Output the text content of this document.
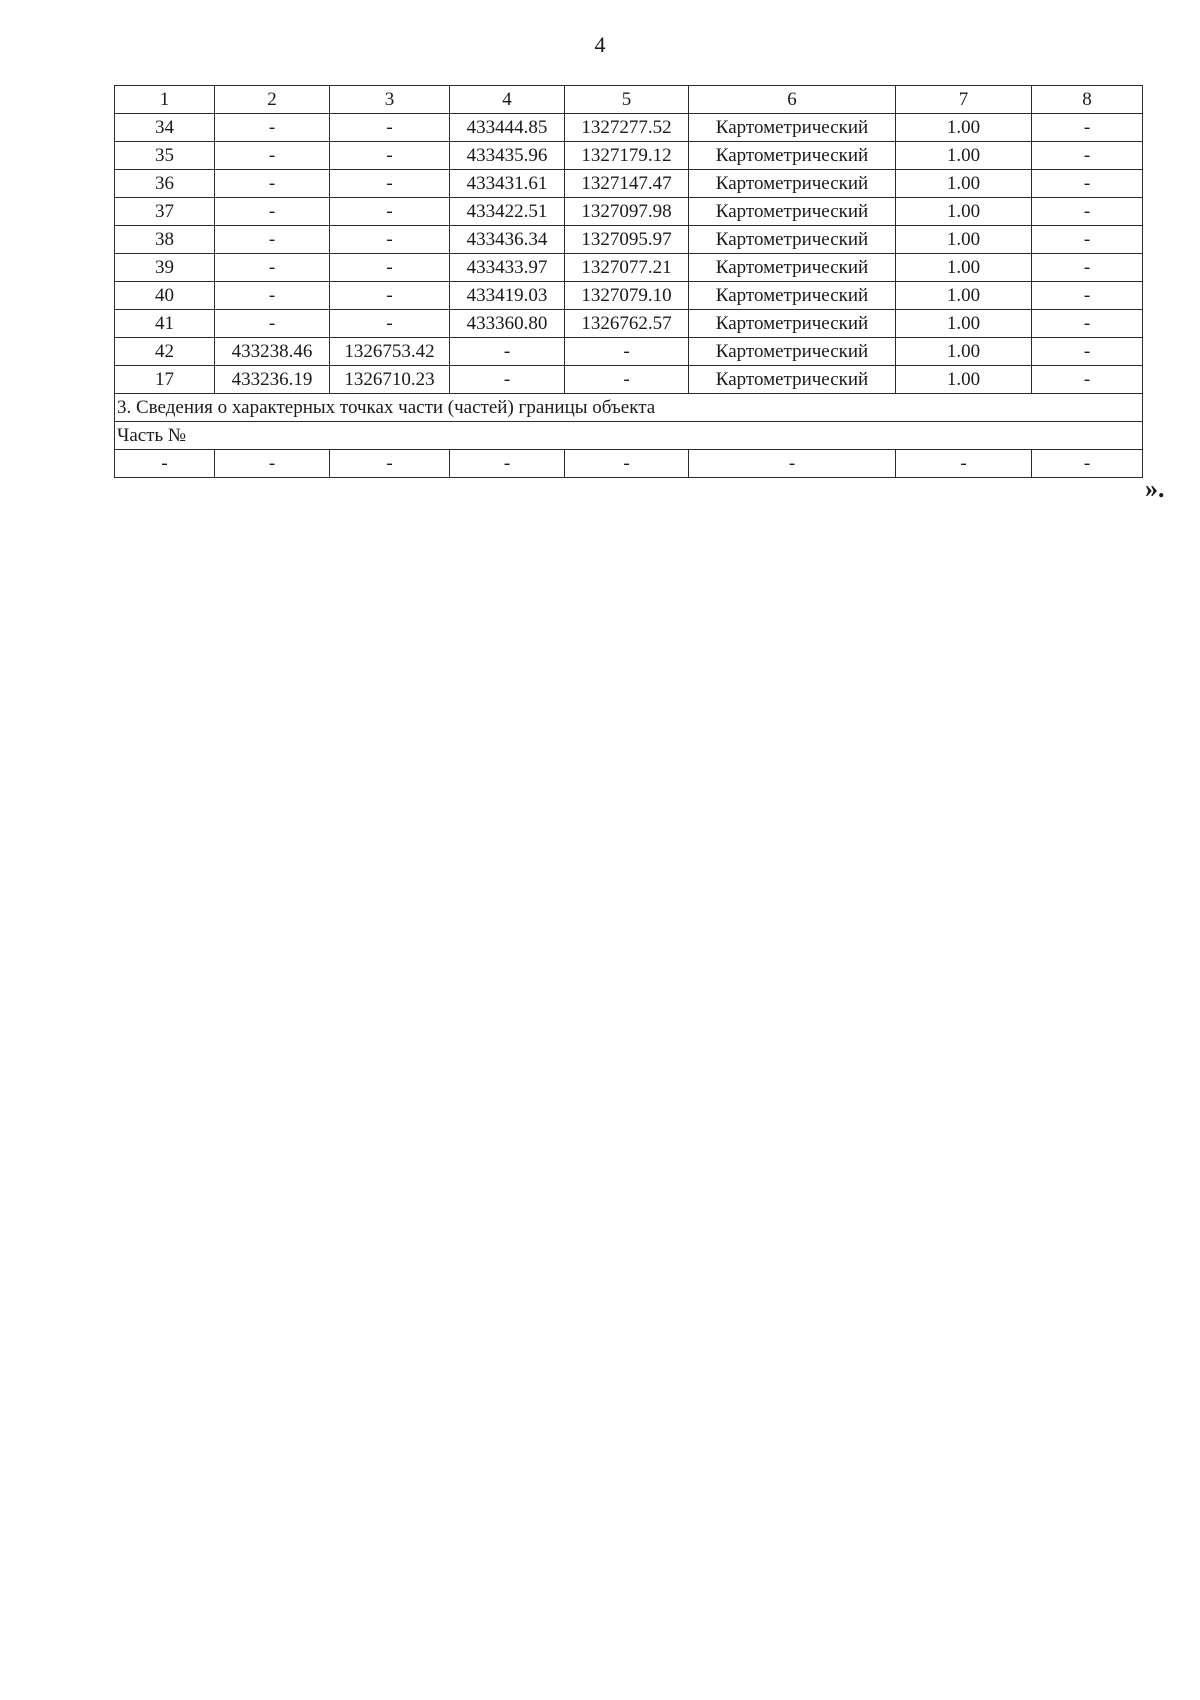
4
1	2	3	4	5	6	7	8
34	-	-	433444.85	1327277.52	Картометрический	1.00	-
35	-	-	433435.96	1327179.12	Картометрический	1.00	-
36	-	-	433431.61	1327147.47	Картометрический	1.00	-
37	-	-	433422.51	1327097.98	Картометрический	1.00	-
38	-	-	433436.34	1327095.97	Картометрический	1.00	-
39	-	-	433433.97	1327077.21	Картометрический	1.00	-
40	-	-	433419.03	1327079.10	Картометрический	1.00	-
41	-	-	433360.80	1326762.57	Картометрический	1.00	-
42	433238.46	1326753.42	-	-	Картометрический	1.00	-
17	433236.19	1326710.23	-	-	Картометрический	1.00	-
3. Сведения о характерных точках части (частей) границы объекта							
Часть №							
-	-	-	-	-	-	-	-
».
